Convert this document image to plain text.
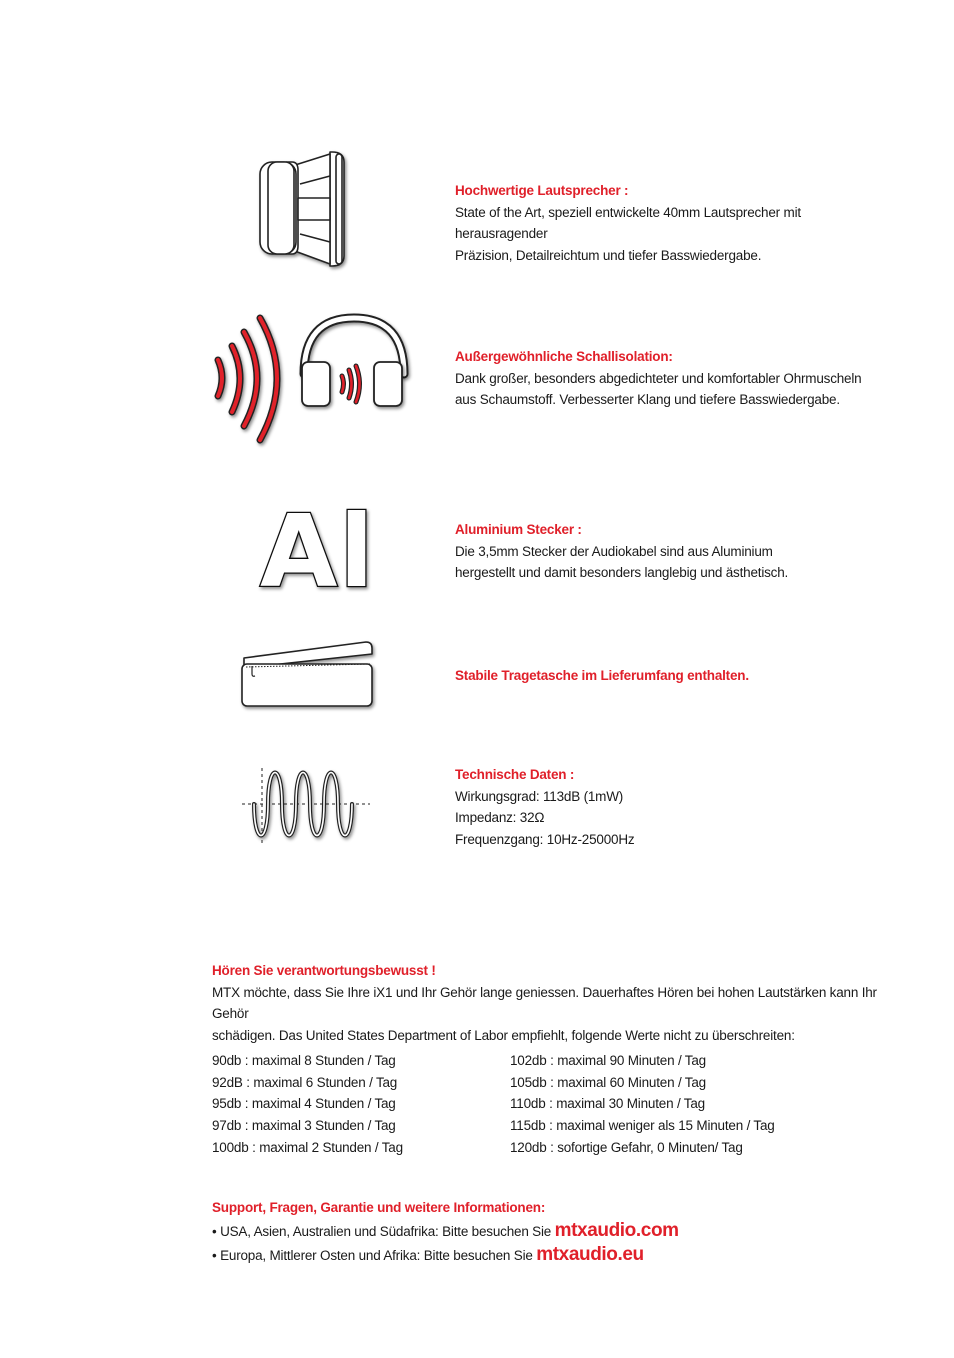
Hochwertige Lautsprecher :
State of the Art, speziell entwickelte 40mm Lautsprecher mit herausragender
Präzision, Detailreichtum und tiefer Basswiedergabe.
Außergewöhnliche Schallisolation:
Dank großer, besonders abgedichteter und komfortabler Ohrmuscheln
aus Schaumstoff. Verbesserter Klang und tiefere Basswiedergabe.
Al	Aluminium Stecker :
Die 3,5mm Stecker der Audiokabel sind aus Aluminium
hergestellt und damit besonders langlebig und ästhetisch.
Stabile Tragetasche im Lieferumfang enthalten.
Technische Daten :
Wirkungsgrad: 113dB (1mW)
Impedanz: 32Ω
Frequenzgang: 10Hz-25000Hz
Hören Sie verantwortungsbewusst !
MTX möchte, dass Sie Ihre iX1 und Ihr Gehör lange geniessen. Dauerhaftes Hören bei hohen Lautstärken kann Ihr Gehör
schädigen. Das United States Department of Labor empfiehlt, folgende Werte nicht zu überschreiten:
90db : maximal 8 Stunden / Tag
92dB : maximal 6 Stunden / Tag
95db : maximal 4 Stunden / Tag
97db : maximal 3 Stunden / Tag
100db : maximal 2 Stunden / Tag
102db : maximal 90 Minuten / Tag
105db : maximal 60 Minuten / Tag
110db : maximal 30 Minuten / Tag
115db : maximal weniger als 15 Minuten / Tag
120db : sofortige Gefahr, 0 Minuten/ Tag
Support, Fragen, Garantie und weitere Informationen:
• USA, Asien, Australien und Südafrika: Bitte besuchen Sie mtxaudio.com
• Europa, Mittlerer Osten und Afrika: Bitte besuchen Sie mtxaudio.eu
